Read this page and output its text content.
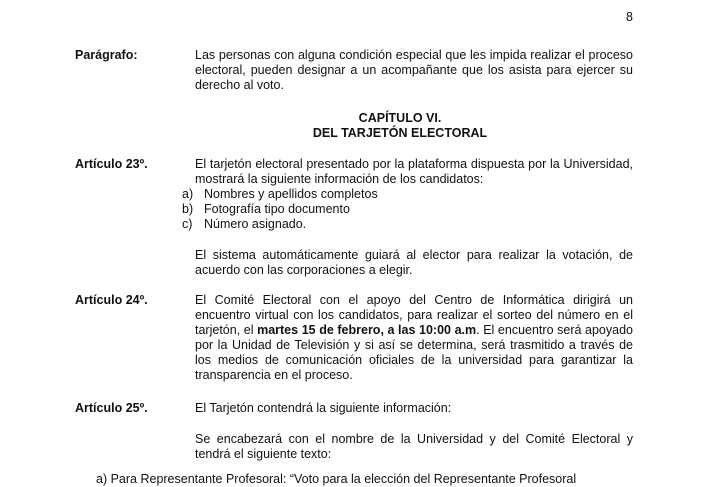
8
Parágrafo:	Las personas con alguna condición especial que les impida realizar el proceso electoral, pueden designar a un acompañante que los asista para ejercer su derecho al voto.

CAPÍTULO VI.
DEL TARJETÓN ELECTORAL
Artículo 23º.	El tarjetón electoral presentado por la plataforma dispuesta por la Universidad, mostrará la siguiente información de los candidatos:

a) Nombres y apellidos completos
b) Fotografía tipo documento
c) Número asignado.

El sistema automáticamente guiará al elector para realizar la votación, de acuerdo con las corporaciones a elegir.

Artículo 24º.	El Comité Electoral con el apoyo del Centro de Informática dirigirá un encuentro virtual con los candidatos, para realizar el sorteo del número en el tarjetón, el martes 15 de febrero, a las 10:00 a.m. El encuentro será apoyado por la Unidad de Televisión y si así se determina, será trasmitido a través de los medios de comunicación oficiales de la universidad para garantizar la transparencia en el proceso.

Artículo 25º.	El Tarjetón contendrá la siguiente información:

Se encabezará con el nombre de la Universidad y del Comité Electoral y tendrá el siguiente texto:

a) Para Representante Profesoral: “Voto para la elección del Representante Profesoral
